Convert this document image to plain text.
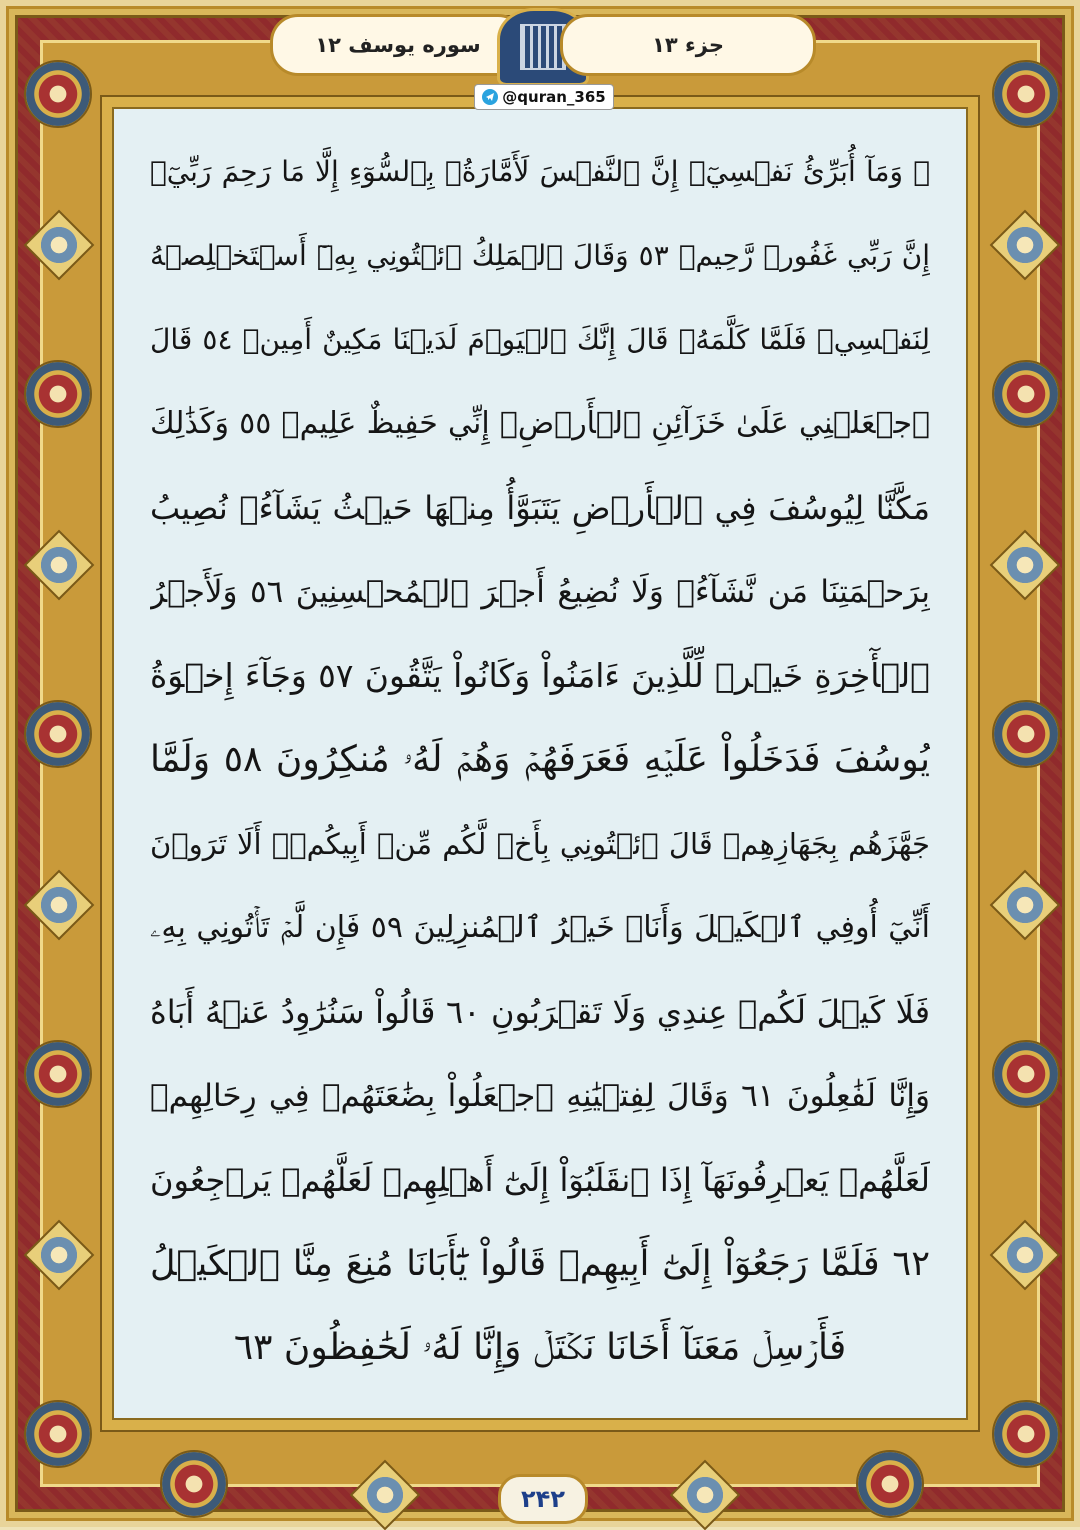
سوره یوسف ۱۲	جزء ۱۳
@quran_365
۞ وَمَآ أُبَرِّئُ نَفۡسِيٓۚ إِنَّ ٱلنَّفۡسَ لَأَمَّارَةُۢ بِٱلسُّوٓءِ إِلَّا مَا رَحِمَ رَبِّيٓۚ
إِنَّ رَبِّي غَفُورٞ رَّحِيمٞ ٥٣ وَقَالَ ٱلۡمَلِكُ ٱئۡتُونِي بِهِۦٓ أَسۡتَخۡلِصۡهُ
لِنَفۡسِيۖ فَلَمَّا كَلَّمَهُۥ قَالَ إِنَّكَ ٱلۡيَوۡمَ لَدَيۡنَا مَكِينٌ أَمِينٞ ٥٤ قَالَ
ٱجۡعَلۡنِي عَلَىٰ خَزَآئِنِ ٱلۡأَرۡضِۖ إِنِّي حَفِيظٌ عَلِيمٞ ٥٥ وَكَذَٰلِكَ
مَكَّنَّا لِيُوسُفَ فِي ٱلۡأَرۡضِ يَتَبَوَّأُ مِنۡهَا حَيۡثُ يَشَآءُۚ نُصِيبُ
بِرَحۡمَتِنَا مَن نَّشَآءُۖ وَلَا نُضِيعُ أَجۡرَ ٱلۡمُحۡسِنِينَ ٥٦ وَلَأَجۡرُ
ٱلۡأٓخِرَةِ خَيۡرٞ لِّلَّذِينَ ءَامَنُواْ وَكَانُواْ يَتَّقُونَ ٥٧ وَجَآءَ إِخۡوَةُ
يُوسُفَ فَدَخَلُواْ عَلَيۡهِ فَعَرَفَهُمۡ وَهُمۡ لَهُۥ مُنكِرُونَ ٥٨ وَلَمَّا
جَهَّزَهُم بِجَهَازِهِمۡ قَالَ ٱئۡتُونِي بِأَخٖ لَّكُم مِّنۡ أَبِيكُمۡۚ أَلَا تَرَوۡنَ
أَنِّيٓ أُوفِي ٱلۡكَيۡلَ وَأَنَا۠ خَيۡرُ ٱلۡمُنزِلِينَ ٥٩ فَإِن لَّمۡ تَأۡتُونِي بِهِۦ
فَلَا كَيۡلَ لَكُمۡ عِندِي وَلَا تَقۡرَبُونِ ٦٠ قَالُواْ سَنُرَٰوِدُ عَنۡهُ أَبَاهُ
وَإِنَّا لَفَٰعِلُونَ ٦١ وَقَالَ لِفِتۡيَٰنِهِ ٱجۡعَلُواْ بِضَٰعَتَهُمۡ فِي رِحَالِهِمۡ
لَعَلَّهُمۡ يَعۡرِفُونَهَآ إِذَا ٱنقَلَبُوٓاْ إِلَىٰٓ أَهۡلِهِمۡ لَعَلَّهُمۡ يَرۡجِعُونَ
٦٢ فَلَمَّا رَجَعُوٓاْ إِلَىٰٓ أَبِيهِمۡ قَالُواْ يَٰٓأَبَانَا مُنِعَ مِنَّا ٱلۡكَيۡلُ
فَأَرۡسِلۡ مَعَنَآ أَخَانَا نَكۡتَلۡ وَإِنَّا لَهُۥ لَحَٰفِظُونَ ٦٣
۲۴۲
